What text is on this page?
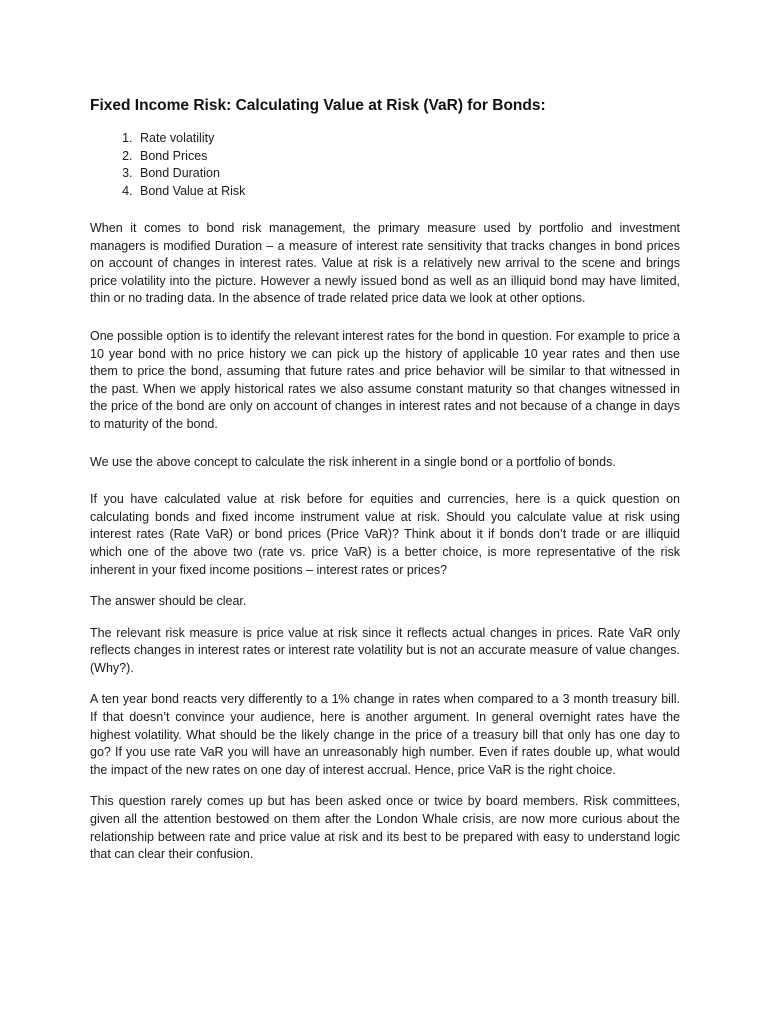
Fixed Income Risk: Calculating Value at Risk (VaR) for Bonds:
1. Rate volatility
2. Bond Prices
3. Bond Duration
4. Bond Value at Risk

When it comes to bond risk management, the primary measure used by portfolio and investment managers is modified Duration – a measure of interest rate sensitivity that tracks changes in bond prices on account of changes in interest rates. Value at risk is a relatively new arrival to the scene and brings price volatility into the picture. However a newly issued bond as well as an illiquid bond may have limited, thin or no trading data. In the absence of trade related price data we look at other options.

One possible option is to identify the relevant interest rates for the bond in question. For example to price a 10 year bond with no price history we can pick up the history of applicable 10 year rates and then use them to price the bond, assuming that future rates and price behavior will be similar to that witnessed in the past. When we apply historical rates we also assume constant maturity so that changes witnessed in the price of the bond are only on account of changes in interest rates and not because of a change in days to maturity of the bond.

We use the above concept to calculate the risk inherent in a single bond or a portfolio of bonds.

If you have calculated value at risk before for equities and currencies, here is a quick question on calculating bonds and fixed income instrument value at risk. Should you calculate value at risk using interest rates (Rate VaR) or bond prices (Price VaR)? Think about it if bonds don’t trade or are illiquid which one of the above two (rate vs. price VaR) is a better choice, is more representative of the risk inherent in your fixed income positions – interest rates or prices?

The answer should be clear.

The relevant risk measure is price value at risk since it reflects actual changes in prices. Rate VaR only reflects changes in interest rates or interest rate volatility but is not an accurate measure of value changes. (Why?).

A ten year bond reacts very differently to a 1% change in rates when compared to a 3 month treasury bill. If that doesn’t convince your audience, here is another argument. In general overnight rates have the highest volatility. What should be the likely change in the price of a treasury bill that only has one day to go? If you use rate VaR you will have an unreasonably high number. Even if rates double up, what would the impact of the new rates on one day of interest accrual. Hence, price VaR is the right choice.

This question rarely comes up but has been asked once or twice by board members. Risk committees, given all the attention bestowed on them after the London Whale crisis, are now more curious about the relationship between rate and price value at risk and its best to be prepared with easy to understand logic that can clear their confusion.
